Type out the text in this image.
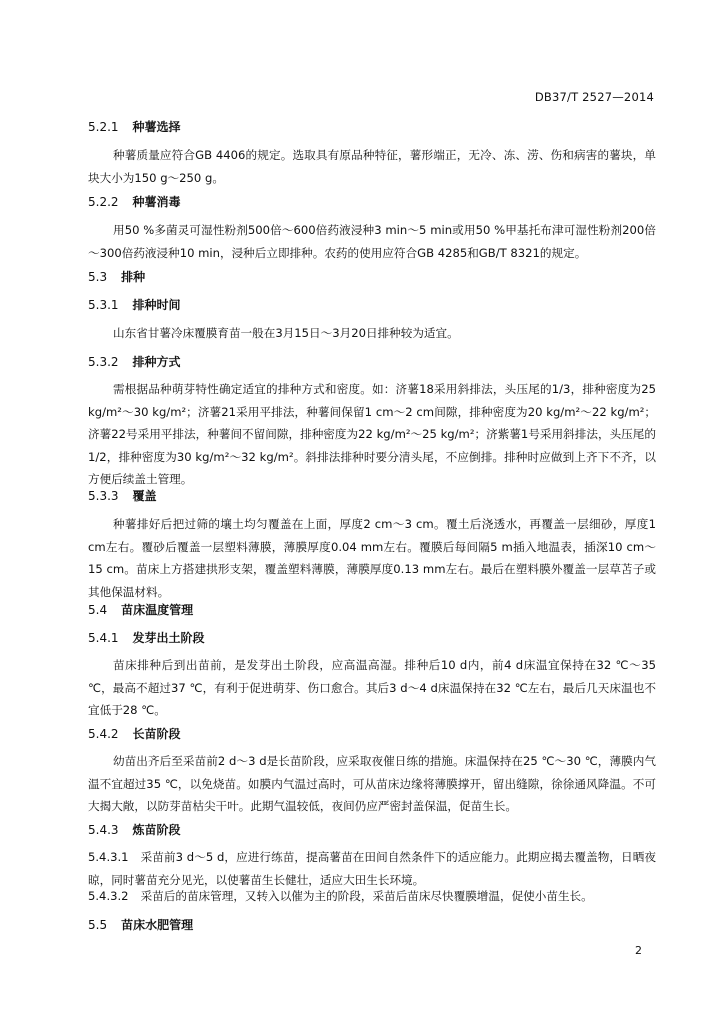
DB37/T 2527—2014
5.2.1 种薯选择

种薯质量应符合GB 4406的规定。选取具有原品种特征，薯形端正，无冷、冻、涝、伤和病害的薯块，单块大小为150 g～250 g。

5.2.2 种薯消毒

用50 %多菌灵可湿性粉剂500倍～600倍药液浸种3 min～5 min或用50 %甲基托布津可湿性粉剂200倍～300倍药液浸种10 min，浸种后立即排种。农药的使用应符合GB 4285和GB/T 8321的规定。

5.3 排种
5.3.1 排种时间

山东省甘薯冷床覆膜育苗一般在3月15日～3月20日排种较为适宜。

5.3.2 排种方式

需根据品种萌芽特性确定适宜的排种方式和密度。如：济薯18采用斜排法，头压尾的1/3，排种密度为25 kg/m²～30 kg/m²；济薯21采用平排法，种薯间保留1 cm～2 cm间隙，排种密度为20 kg/m²～22 kg/m²；济薯22号采用平排法，种薯间不留间隙，排种密度为22 kg/m²～25 kg/m²；济紫薯1号采用斜排法，头压尾的1/2，排种密度为30 kg/m²～32 kg/m²。斜排法排种时要分清头尾，不应倒排。排种时应做到上齐下不齐，以方便后续盖土管理。

5.3.3 覆盖

种薯排好后把过筛的壤土均匀覆盖在上面，厚度2 cm～3 cm。覆土后浇透水，再覆盖一层细砂，厚度1 cm左右。覆砂后覆盖一层塑料薄膜，薄膜厚度0.04 mm左右。覆膜后每间隔5 m插入地温表，插深10 cm～15 cm。苗床上方搭建拱形支架，覆盖塑料薄膜，薄膜厚度0.13 mm左右。最后在塑料膜外覆盖一层草苫子或其他保温材料。

5.4 苗床温度管理
5.4.1 发芽出土阶段

苗床排种后到出苗前，是发芽出土阶段，应高温高湿。排种后10 d内，前4 d床温宜保持在32 ℃～35 ℃，最高不超过37 ℃，有利于促进萌芽、伤口愈合。其后3 d～4 d床温保持在32 ℃左右，最后几天床温也不宜低于28 ℃。

5.4.2 长苗阶段

幼苗出齐后至采苗前2 d～3 d是长苗阶段，应采取夜催日练的措施。床温保持在25 ℃～30 ℃，薄膜内气温不宜超过35 ℃，以免烧苗。如膜内气温过高时，可从苗床边缘将薄膜撑开，留出缝隙，徐徐通风降温。不可大揭大敞，以防芽苗枯尖干叶。此期气温较低，夜间仍应严密封盖保温，促苗生长。

5.4.3 炼苗阶段
5.4.3.1 采苗前3 d～5 d，应进行练苗，提高薯苗在田间自然条件下的适应能力。此期应揭去覆盖物，日晒夜晾，同时薯苗充分见光，以使薯苗生长健壮，适应大田生长环境。
5.4.3.2 采苗后的苗床管理，又转入以催为主的阶段，采苗后苗床尽快覆膜增温，促使小苗生长。
5.5 苗床水肥管理
2
